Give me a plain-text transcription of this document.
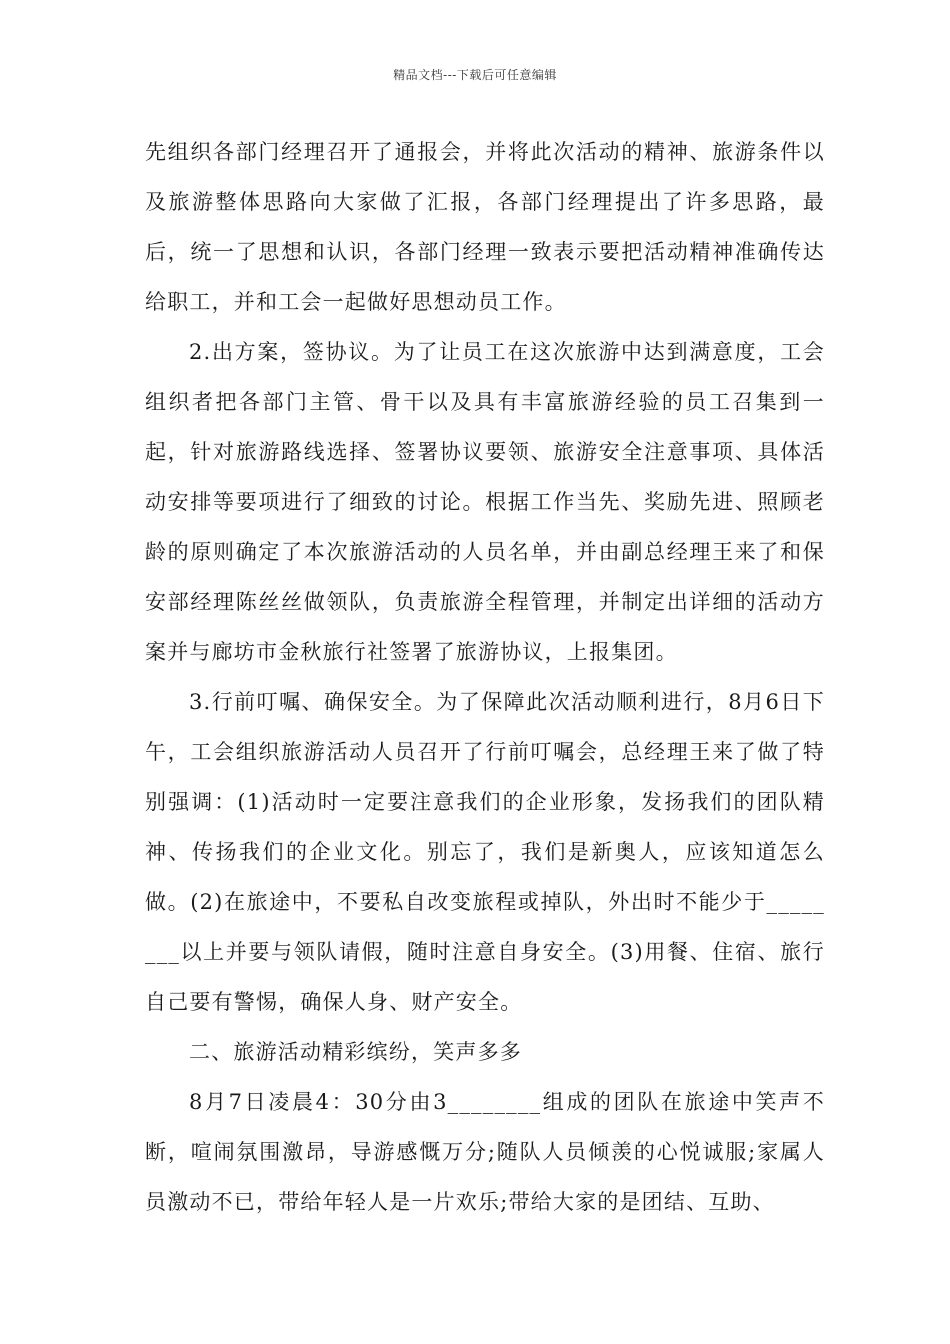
精品文档---下载后可任意编辑

先组织各部门经理召开了通报会，并将此次活动的精神、旅游条件以及旅游整体思路向大家做了汇报，各部门经理提出了许多思路，最后，统一了思想和认识，各部门经理一致表示要把活动精神准确传达给职工，并和工会一起做好思想动员工作。

2.出方案，签协议。为了让员工在这次旅游中达到满意度，工会组织者把各部门主管、骨干以及具有丰富旅游经验的员工召集到一起，针对旅游路线选择、签署协议要领、旅游安全注意事项、具体活动安排等要项进行了细致的讨论。根据工作当先、奖励先进、照顾老龄的原则确定了本次旅游活动的人员名单，并由副总经理王来了和保安部经理陈丝丝做领队，负责旅游全程管理，并制定出详细的活动方案并与廊坊市金秋旅行社签署了旅游协议，上报集团。

3.行前叮嘱、确保安全。为了保障此次活动顺利进行，8月6日下午，工会组织旅游活动人员召开了行前叮嘱会，总经理王来了做了特别强调：(1)活动时一定要注意我们的企业形象，发扬我们的团队精神、传扬我们的企业文化。别忘了，我们是新奥人，应该知道怎么做。(2)在旅途中，不要私自改变旅程或掉队，外出时不能少于________以上并要与领队请假，随时注意自身安全。(3)用餐、住宿、旅行自己要有警惕，确保人身、财产安全。

二、旅游活动精彩缤纷，笑声多多

8月7日凌晨4：30分由3________组成的团队在旅途中笑声不断，喧闹氛围激昂，导游感慨万分;随队人员倾羡的心悦诚服;家属人员激动不已，带给年轻人是一片欢乐;带给大家的是团结、互助、
